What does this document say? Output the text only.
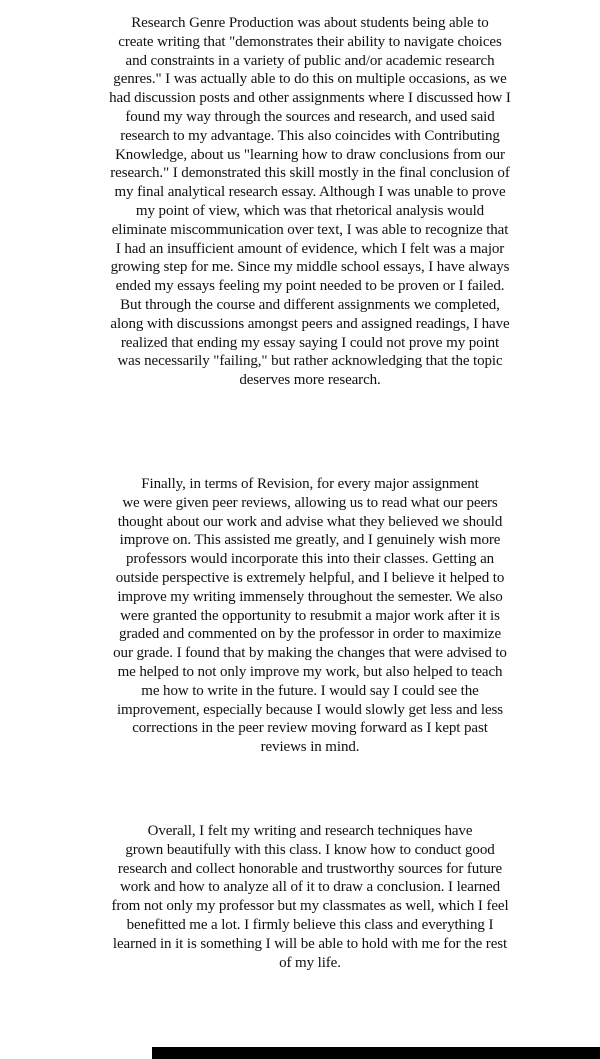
Research Genre Production was about students being able to
create writing that "demonstrates their ability to navigate choices
and constraints in a variety of public and/or academic research
genres." I was actually able to do this on multiple occasions, as we
had discussion posts and other assignments where I discussed how I
found my way through the sources and research, and used said
research to my advantage. This also coincides with Contributing
Knowledge, about us "learning how to draw conclusions from our
research." I demonstrated this skill mostly in the final conclusion of
my final analytical research essay. Although I was unable to prove
my point of view, which was that rhetorical analysis would
eliminate miscommunication over text, I was able to recognize that
I had an insufficient amount of evidence, which I felt was a major
growing step for me. Since my middle school essays, I have always
ended my essays feeling my point needed to be proven or I failed.
But through the course and different assignments we completed,
along with discussions amongst peers and assigned readings, I have
realized that ending my essay saying I could not prove my point
was necessarily "failing," but rather acknowledging that the topic
deserves more research.
Finally, in terms of Revision, for every major assignment
we were given peer reviews, allowing us to read what our peers
thought about our work and advise what they believed we should
improve on. This assisted me greatly, and I genuinely wish more
professors would incorporate this into their classes. Getting an
outside perspective is extremely helpful, and I believe it helped to
improve my writing immensely throughout the semester. We also
were granted the opportunity to resubmit a major work after it is
graded and commented on by the professor in order to maximize
our grade. I found that by making the changes that were advised to
me helped to not only improve my work, but also helped to teach
me how to write in the future. I would say I could see the
improvement, especially because I would slowly get less and less
corrections in the peer review moving forward as I kept past
reviews in mind.
Overall, I felt my writing and research techniques have
grown beautifully with this class. I know how to conduct good
research and collect honorable and trustworthy sources for future
work and how to analyze all of it to draw a conclusion. I learned
from not only my professor but my classmates as well, which I feel
benefitted me a lot. I firmly believe this class and everything I
learned in it is something I will be able to hold with me for the rest
of my life.
